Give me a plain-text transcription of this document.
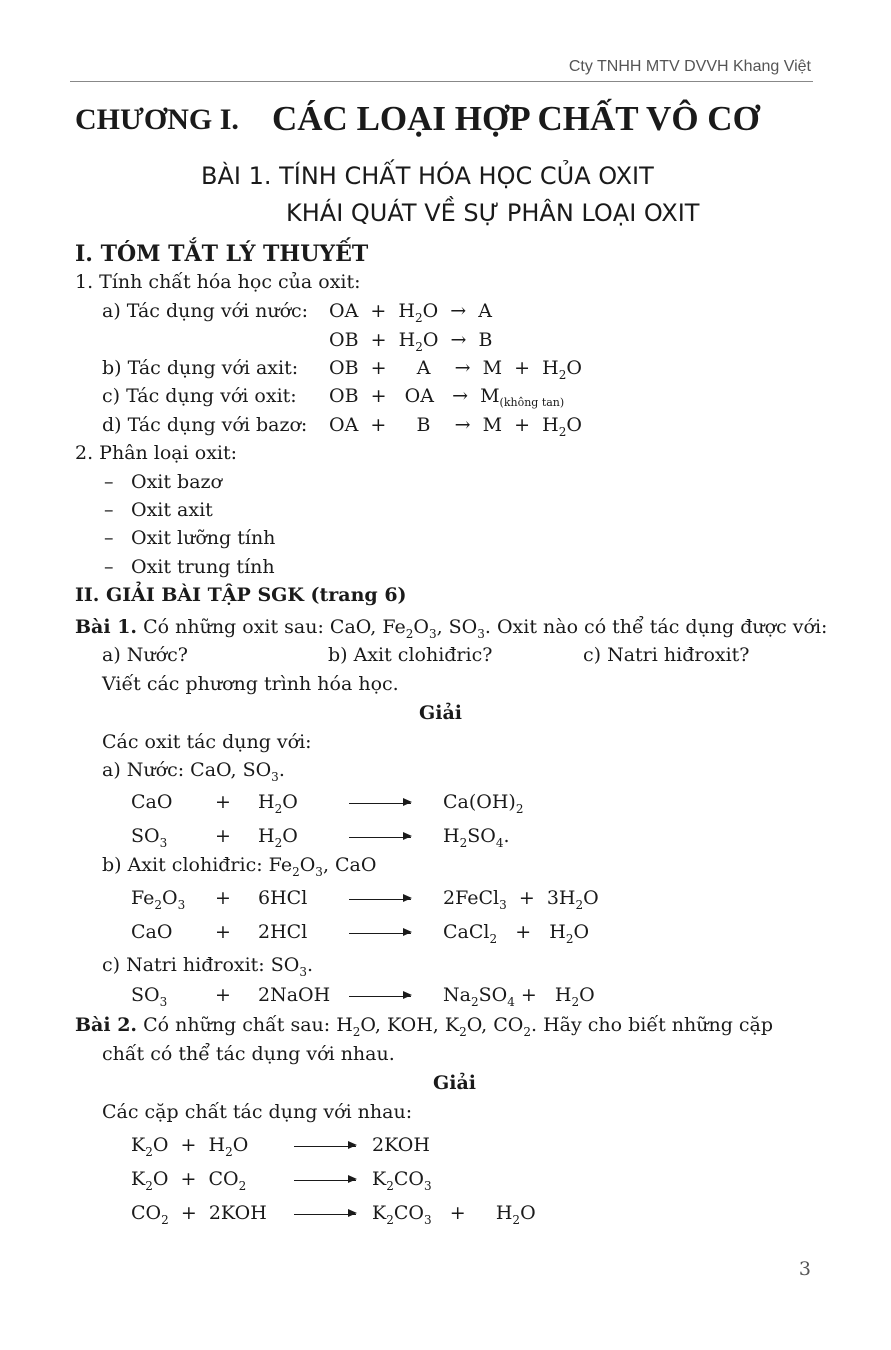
Cty TNHH MTV DVVH Khang Việt
CHƯƠNG I. CÁC LOẠI HỢP CHẤT VÔ CƠ
BÀI 1. TÍNH CHẤT HÓA HỌC CỦA OXIT
KHÁI QUÁT VỀ SỰ PHÂN LOẠI OXIT
I. TÓM TẮT LÝ THUYẾT
1. Tính chất hóa học của oxit:
a) Tác dụng với nước: OA  +  $H_2O \to A$
OB  +  $H_2O \to B$
b) Tác dụng với axit: OB  +     A    →  $M + H_2O$
c) Tác dụng với oxit: OB  +   OA   →  $M_{(không tan)}$
d) Tác dụng với bazơ: OA  +     B    →  $M + H_2O$
2. Phân loại oxit:
– Oxit bazơ
– Oxit axit
– Oxit lưỡng tính
– Oxit trung tính
II. GIẢI BÀI TẬP SGK (trang 6)
Bài 1. Có những oxit sau: CaO, $Fe_2O_3$, $SO_3$. Oxit nào có thể tác dụng được với:
a) Nước?	b) Axit clohiđric?	c) Natri hiđroxit?
Viết các phương trình hóa học.
Giải
Các oxit tác dụng với:
a) Nước: CaO, $SO_3$.
CaO + $H_2O$	$Ca(OH)_2$
$SO_3$	+ $H_2O$	$H_2SO_4$.
b) Axit clohiđric: $Fe_2O_3$, CaO
$Fe_2O_3 + 6HCl$	2FeCl$_3$  +  $3H_2O$
CaO + 2HCl	CaCl$_2$   +   $H_2O$
c) Natri hiđroxit: $SO_3$.
$SO_3$	+ 2NaOH	$Na_2SO_4 + H_2O$
Bài 2. Có những chất sau: $H_2O$, KOH, $K_2O$, $CO_2$. Hãy cho biết những cặp
chất có thể tác dụng với nhau.
Giải
Các cặp chất tác dụng với nhau:
$K_2O + H_2O$	2KOH
$K_2O + CO_2$	$K_2CO_3$
$CO_2 + 2KOH$	$K_2CO_3$   +     $H_2O$
3
